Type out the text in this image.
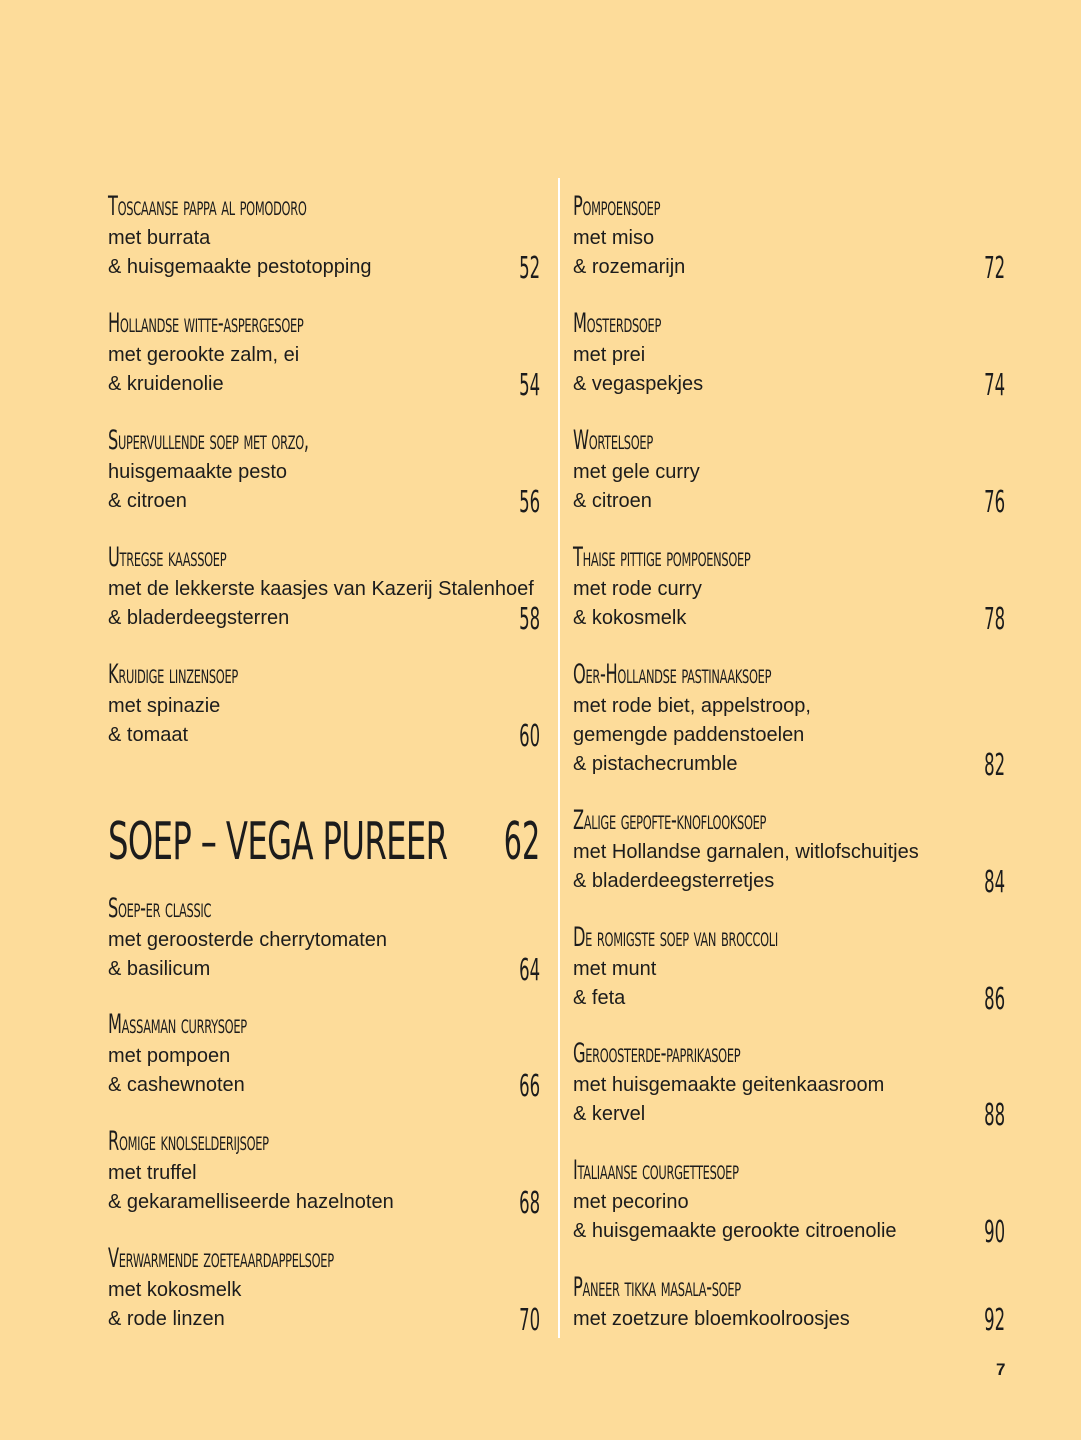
Toscaanse pappa al pomodoro
met burrata
& huisgemaakte pestotopping	52
Hollandse witte-aspergesoep
met gerookte zalm, ei
& kruidenolie	54
Supervullende soep met orzo,
huisgemaakte pesto
& citroen	56
Utregse kaassoep
met de lekkerste kaasjes van Kazerij Stalenhoef
& bladerdeegsterren	58
Kruidige linzensoep
met spinazie
& tomaat	60
SOEP – VEGA PUREER 62
Soep-er classic
met geroosterde cherrytomaten
& basilicum	64
Massaman currysoep
met pompoen
& cashewnoten	66
Romige knolselderijsoep
met truffel
& gekaramelliseerde hazelnoten	68
Verwarmende zoeteaardappelsoep
met kokosmelk
& rode linzen	70
Pompoensoep
met miso
& rozemarijn	72
Mosterdsoep
met prei
& vegaspekjes	74
Wortelsoep
met gele curry
& citroen	76
Thaise pittige pompoensoep
met rode curry
& kokosmelk	78
Oer-Hollandse pastinaaksoep
met rode biet, appelstroop,
gemengde paddenstoelen
& pistachecrumble	82
Zalige gepofte-knoflooksoep
met Hollandse garnalen, witlofschuitjes
& bladerdeegsterretjes	84
De romigste soep van broccoli
met munt
& feta	86
Geroosterde-paprikasoep
met huisgemaakte geitenkaasroom
& kervel	88
Italiaanse courgettesoep
met pecorino
& huisgemaakte gerookte citroenolie	90
Paneer tikka masala-soep
met zoetzure bloemkoolroosjes	92
7
